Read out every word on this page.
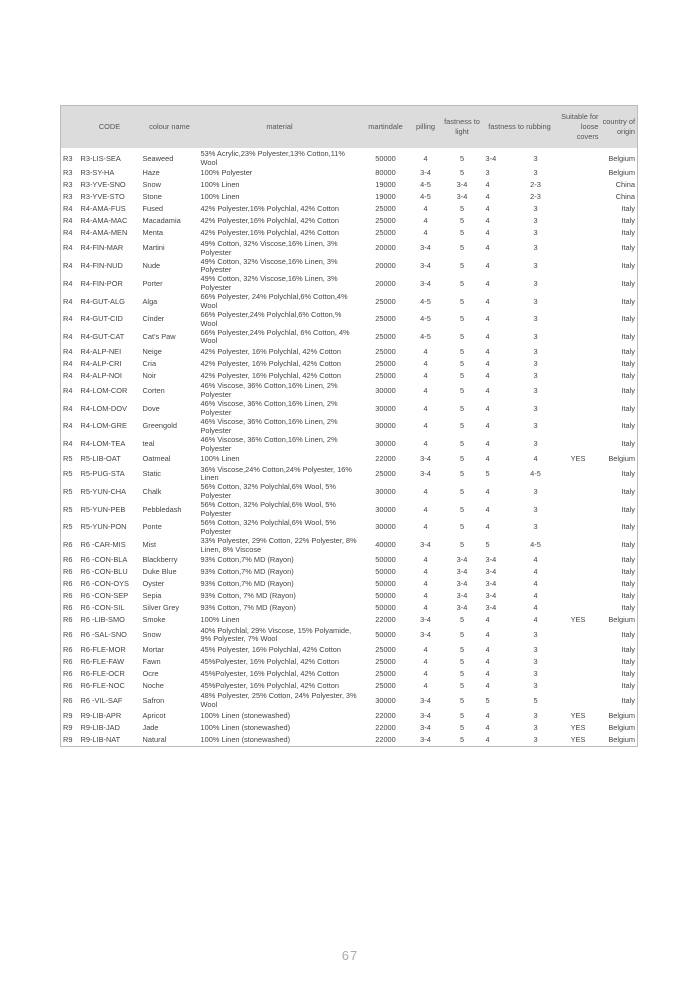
	CODE	colour name	material	martindale	pilling	fastness to light	fastness to rubbing		Suitable for loose covers	country of origin
R3	R3-LIS-SEA	Seaweed	53% Acrylic,23% Polyester,13% Cotton,11% Wool	50000	4	5	3-4	3		Belgium
R3	R3-SY-HA	Haze	100% Polyester	80000	3-4	5	3	3		Belgium
R3	R3-YVE-SNO	Snow	100% Linen	19000	4-5	3-4	4	2-3		China
R3	R3-YVE-STO	Stone	100% Linen	19000	4-5	3-4	4	2-3		China
R4	R4-AMA-FUS	Fused	42% Polyester,16% Polychlal, 42% Cotton	25000	4	5	4	3		Italy
R4	R4-AMA-MAC	Macadamia	42% Polyester,16% Polychlal, 42% Cotton	25000	4	5	4	3		Italy
R4	R4-AMA-MEN	Menta	42% Polyester,16% Polychlal, 42% Cotton	25000	4	5	4	3		Italy
R4	R4-FIN-MAR	Martini	49% Cotton, 32% Viscose,16% Linen, 3% Polyester	20000	3-4	5	4	3		Italy
R4	R4-FIN-NUD	Nude	49% Cotton, 32% Viscose,16% Linen, 3% Polyester	20000	3-4	5	4	3		Italy
R4	R4-FIN-POR	Porter	49% Cotton, 32% Viscose,16% Linen, 3% Polyester	20000	3-4	5	4	3		Italy
R4	R4-GUT-ALG	Alga	66% Polyester, 24% Polychlal,6% Cotton,4% Wool	25000	4-5	5	4	3		Italy
R4	R4-GUT-CID	Cinder	66% Polyester,24% Polychlal,6% Cotton,% Wool	25000	4-5	5	4	3		Italy
R4	R4-GUT-CAT	Cat’s Paw	66% Polyester,24% Polychlal, 6% Cotton, 4% Wool	25000	4-5	5	4	3		Italy
R4	R4-ALP-NEI	Neige	42% Polyester, 16% Polychlal, 42% Cotton	25000	4	5	4	3		Italy
R4	R4-ALP-CRI	Cria	42% Polyester, 16% Polychlal, 42% Cotton	25000	4	5	4	3		Italy
R4	R4-ALP-NOI	Noir	42% Polyester, 16% Polychlal, 42% Cotton	25000	4	5	4	3		Italy
R4	R4-LOM-COR	Corten	46% Viscose, 36% Cotton,16% Linen, 2% Polyester	30000	4	5	4	3		Italy
R4	R4-LOM-DOV	Dove	46% Viscose, 36% Cotton,16% Linen, 2% Polyester	30000	4	5	4	3		Italy
R4	R4-LOM-GRE	Greengold	46% Viscose, 36% Cotton,16% Linen, 2% Polyester	30000	4	5	4	3		Italy
R4	R4-LOM-TEA	teal	46% Viscose, 36% Cotton,16% Linen, 2% Polyester	30000	4	5	4	3		Italy
R5	R5-LIB-OAT	Oatmeal	100% Linen	22000	3-4	5	4	4	YES	Belgium
R5	R5-PUG-STA	Static	36% Viscose,24% Cotton,24% Polyester, 16% Linen	25000	3-4	5	5	4-5		Italy
R5	R5-YUN-CHA	Chalk	56% Cotton, 32% Polychlal,6% Wool, 5% Polyester	30000	4	5	4	3		Italy
R5	R5-YUN-PEB	Pebbledash	56% Cotton, 32% Polychlal,6% Wool, 5% Polyester	30000	4	5	4	3		Italy
R5	R5-YUN-PON	Ponte	56% Cotton, 32% Polychlal,6% Wool, 5% Polyester	30000	4	5	4	3		Italy
R6	R6 -CAR-MIS	Mist	33% Polyester, 29% Cotton, 22% Polyester, 8% Linen, 8% Viscose	40000	3-4	5	5	4-5		Italy
R6	R6 -CON-BLA	Blackberry	93% Cotton,7% MD (Rayon)	50000	4	3-4	3-4	4		Italy
R6	R6 -CON-BLU	Duke Blue	93% Cotton,7% MD (Rayon)	50000	4	3-4	3-4	4		Italy
R6	R6 -CON-OYS	Oyster	93% Cotton,7% MD (Rayon)	50000	4	3-4	3-4	4		Italy
R6	R6 -CON-SEP	Sepia	93% Cotton, 7% MD (Rayon)	50000	4	3-4	3-4	4		Italy
R6	R6 -CON-SIL	Silver Grey	93% Cotton, 7% MD (Rayon)	50000	4	3-4	3-4	4		Italy
R6	R6 -LIB-SMO	Smoke	100% Linen	22000	3-4	5	4	4	YES	Belgium
R6	R6 -SAL-SNO	Snow	40% Polychlal, 29% Viscose, 15% Polyamide, 9% Polyester, 7% Wool	50000	3-4	5	4	3		Italy
R6	R6-FLE-MOR	Mortar	45% Polyester, 16% Polychlal, 42% Cotton	25000	4	5	4	3		Italy
R6	R6-FLE-FAW	Fawn	45%Polyester, 16% Polychlal, 42% Cotton	25000	4	5	4	3		Italy
R6	R6-FLE-OCR	Ocre	45%Polyester, 16% Polychlal, 42% Cotton	25000	4	5	4	3		Italy
R6	R6-FLE-NOC	Noche	45%Polyester, 16% Polychlal, 42% Cotton	25000	4	5	4	3		Italy
R6	R6 -VIL-SAF	Safron	48% Polyester, 25% Cotton, 24% Polyester, 3% Wool	30000	3-4	5	5	5		Italy
R9	R9-LIB-APR	Apricot	100% Linen (stonewashed)	22000	3-4	5	4	3	YES	Belgium
R9	R9-LIB-JAD	Jade	100% Linen (stonewashed)	22000	3-4	5	4	3	YES	Belgium
R9	R9-LIB-NAT	Natural	100% Linen (stonewashed)	22000	3-4	5	4	3	YES	Belgium
67
